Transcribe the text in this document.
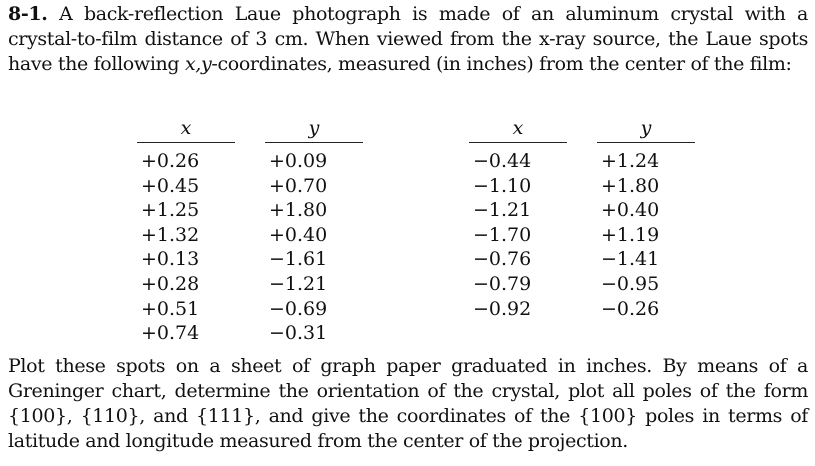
8-1. A back-reflection Laue photograph is made of an aluminum crystal with a crystal-to-film distance of 3 cm. When viewed from the x-ray source, the Laue spots have the following x,y-coordinates, measured (in inches) from the center of the film:

x
+0.26
+0.45
+1.25
+1.32
+0.13
+0.28
+0.51
+0.74
y
+0.09
+0.70
+1.80
+0.40
−1.61
−1.21
−0.69
−0.31
x
−0.44
−1.10
−1.21
−1.70
−0.76
−0.79
−0.92
y
+1.24
+1.80
+0.40
+1.19
−1.41
−0.95
−0.26

Plot these spots on a sheet of graph paper graduated in inches. By means of a Greninger chart, determine the orientation of the crystal, plot all poles of the form {100}, {110}, and {111}, and give the coordinates of the {100} poles in terms of latitude and longitude measured from the center of the projection.
